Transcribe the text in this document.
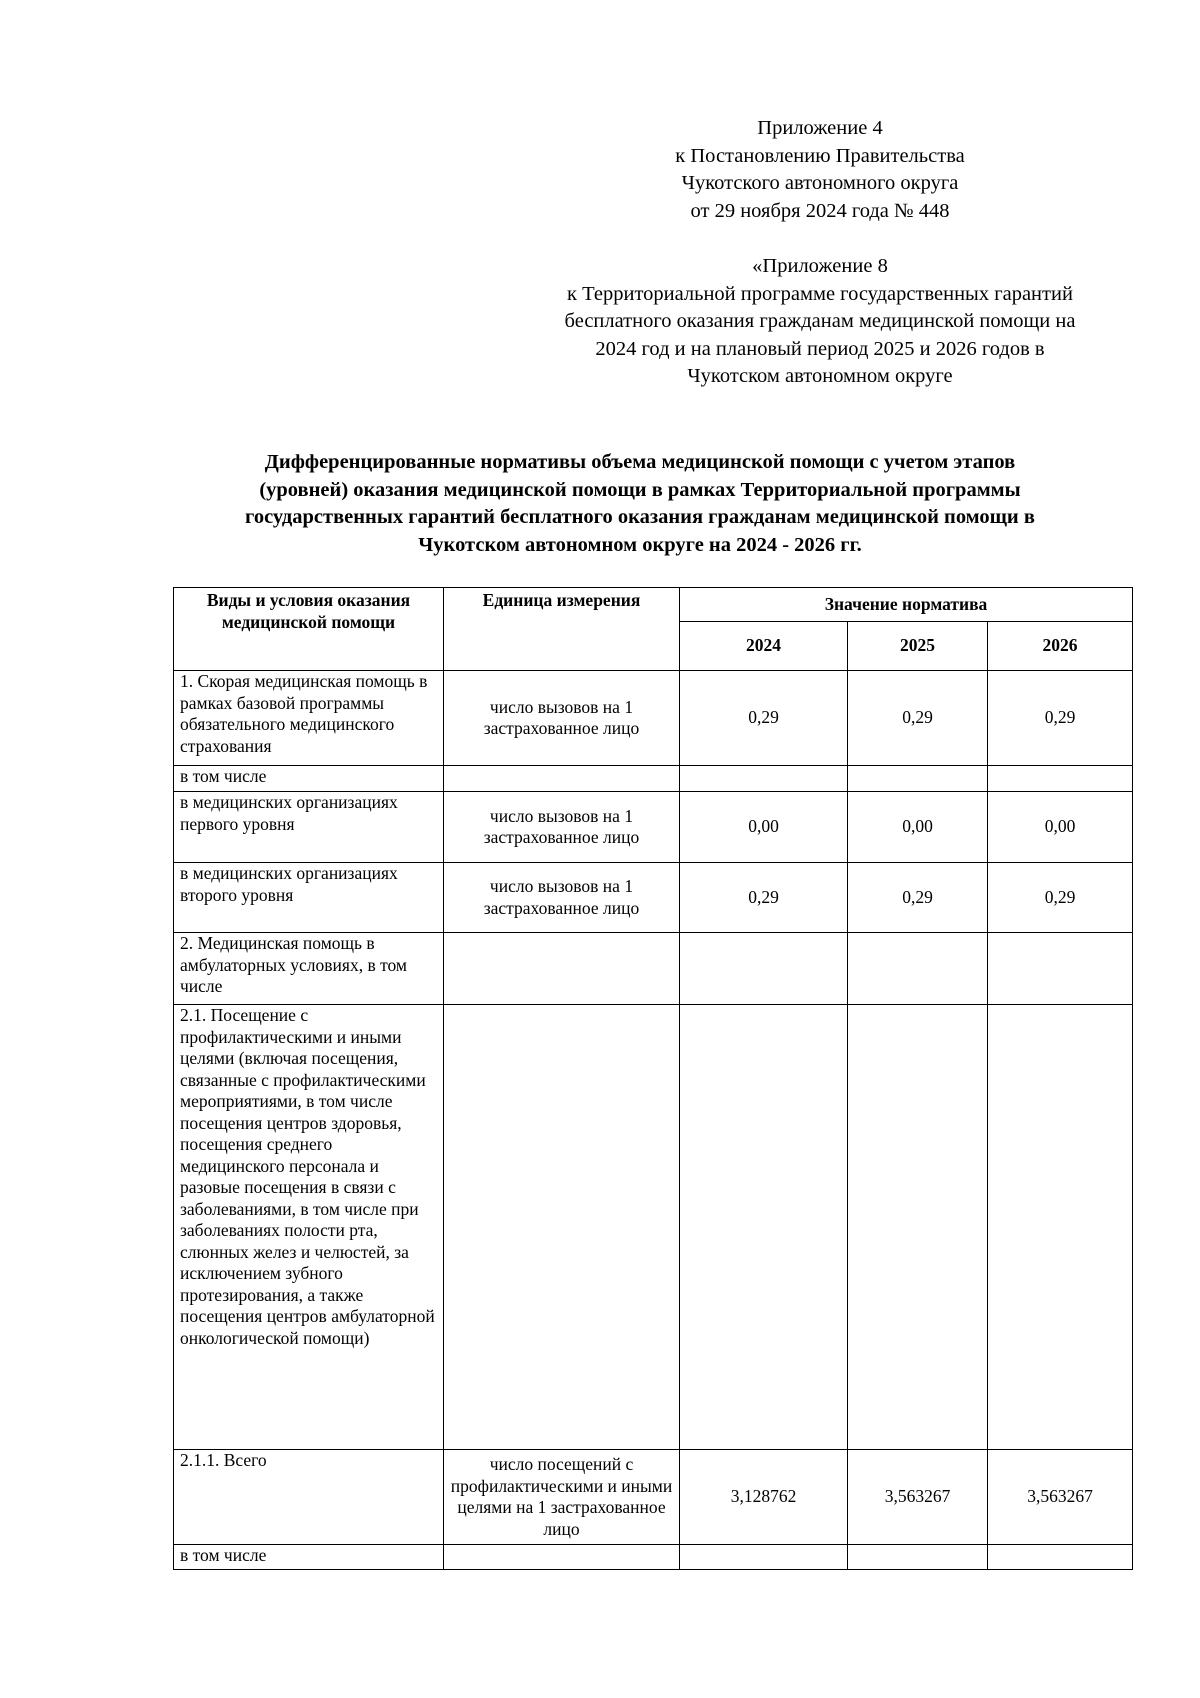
Приложение 4
к Постановлению Правительства
Чукотского автономного округа
от 29 ноября 2024 года № 448
«Приложение 8
к Территориальной программе государственных гарантий
бесплатного оказания гражданам медицинской помощи на
2024 год и на плановый период 2025 и 2026 годов в
Чукотском автономном округе
Дифференцированные нормативы объема медицинской помощи с учетом этапов
(уровней) оказания медицинской помощи в рамках Территориальной программы
государственных гарантий бесплатного оказания гражданам медицинской помощи в
Чукотском автономном округе на 2024 - 2026 гг.
Виды и условия оказания медицинской помощи	Единица измерения	Значение норматива		
		2024	2025	2026
1. Скорая медицинская помощь в рамках базовой программы обязательного медицинского страхования	число вызовов на 1 застрахованное лицо	0,29	0,29	0,29
в том числе				
в медицинских организациях первого уровня	число вызовов на 1 застрахованное лицо	0,00	0,00	0,00
в медицинских организациях второго уровня	число вызовов на 1 застрахованное лицо	0,29	0,29	0,29
2. Медицинская помощь в амбулаторных условиях, в том числе				
2.1. Посещение с профилактическими и иными целями (включая посещения, связанные с профилактическими мероприятиями, в том числе посещения центров здоровья, посещения среднего медицинского персонала и разовые посещения в связи с заболеваниями, в том числе при заболеваниях полости рта, слюнных желез и челюстей, за исключением зубного протезирования, а также посещения центров амбулаторной онкологической помощи)				
2.1.1. Всего	число посещений с профилактическими и иными целями на 1 застрахованное лицо	3,128762	3,563267	3,563267
в том числе				
